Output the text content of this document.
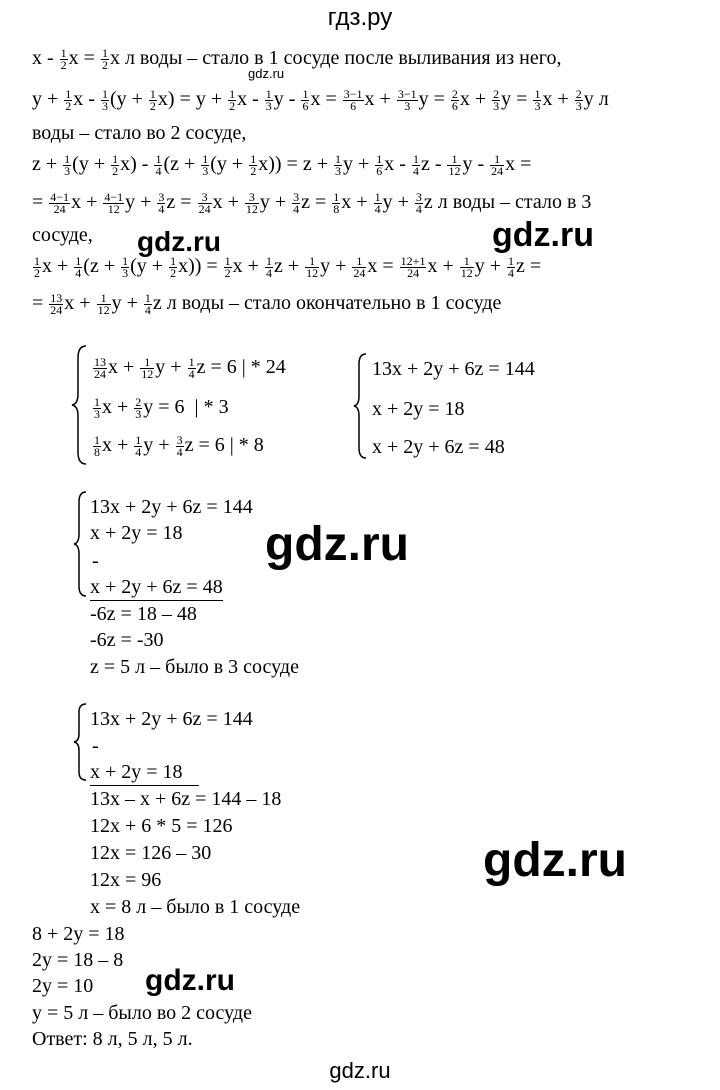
гдз.ру
gdz.ru
gdz.ru	gdz.ru
gdz.ru
gdz.ru
gdz.ru
x - $\frac{1}{2}$ $x = \frac{1}{2}$ x л воды – стало в 1 сосуде после выливания из него,
$y + \frac{1}{2}$ $x - \frac{1}{3} (y + \frac{1}{2} x) = y + \frac{1}{2}$ x - $\frac{1}{3}$ y - $\frac{1}{6}$ $x = \frac{3-1}{6}$ $x + \frac{3-1}{3}$ $y = \frac{2}{6}$ $x + \frac{2}{3}$ $y = \frac{1}{3}$ $x + \frac{2}{3}$ y л
воды – стало во 2 сосуде,
$z + \frac{1}{3} (y + \frac{1}{2} x) - \frac{1}{4} (z + \frac{1}{3} (y + \frac{1}{2} x)) = z + \frac{1}{3}$ $y + \frac{1}{6}$ x - $\frac{1}{4}$ z - $\frac{1}{12}$ y - $\frac{1}{24}$ x =
= $\frac{4-1}{24}$ $x + \frac{4-1}{12}$ $y + \frac{3}{4}$ $z = \frac{3}{24}$ $x + \frac{3}{12}$ $y + \frac{3}{4}$ $z = \frac{1}{8}$ $x + \frac{1}{4}$ $y + \frac{3}{4}$ z л воды – стало в 3
сосуде,
$\frac{1}{2}$ $x + \frac{1}{4} (z + \frac{1}{3} (y + \frac{1}{2} x)) = \frac{1}{2}$ $x + \frac{1}{4}$ $z + \frac{1}{12}$ $y + \frac{1}{24}$ $x = \frac{12+1}{24}$ $x + \frac{1}{12}$ $y + \frac{1}{4}$ z =
= $\frac{13}{24}$ $x + \frac{1}{12}$ $y + \frac{1}{4}$ z л воды – стало окончательно в 1 сосуде
$\frac{13}{24}$ $x + \frac{1}{12}$ $y + \frac{1}{4}$ z = 6 | * 24
$\frac{1}{3}$ $x + \frac{2}{3}$ y = 6  | * 3
$\frac{1}{8}$ $x + \frac{1}{4}$ $y + \frac{3}{4}$ z = 6 | * 8
13x + 2y + 6z = 144
x + 2y = 18
x + 2y + 6z = 48
13x + 2y + 6z = 144
x + 2y = 18
-
x + 2y + 6z = 48
-6z = 18 – 48
-6z = -30
z = 5 л – было в 3 сосуде
13x + 2y + 6z = 144
-
x + 2y = 18
13x – x + 6z = 144 – 18
12x + 6 * 5 = 126
12x = 126 – 30
12x = 96
x = 8 л – было в 1 сосуде
8 + 2y = 18
2y = 18 – 8
2y = 10
y = 5 л – было во 2 сосуде
Ответ: 8 л, 5 л, 5 л.
gdz.ru
